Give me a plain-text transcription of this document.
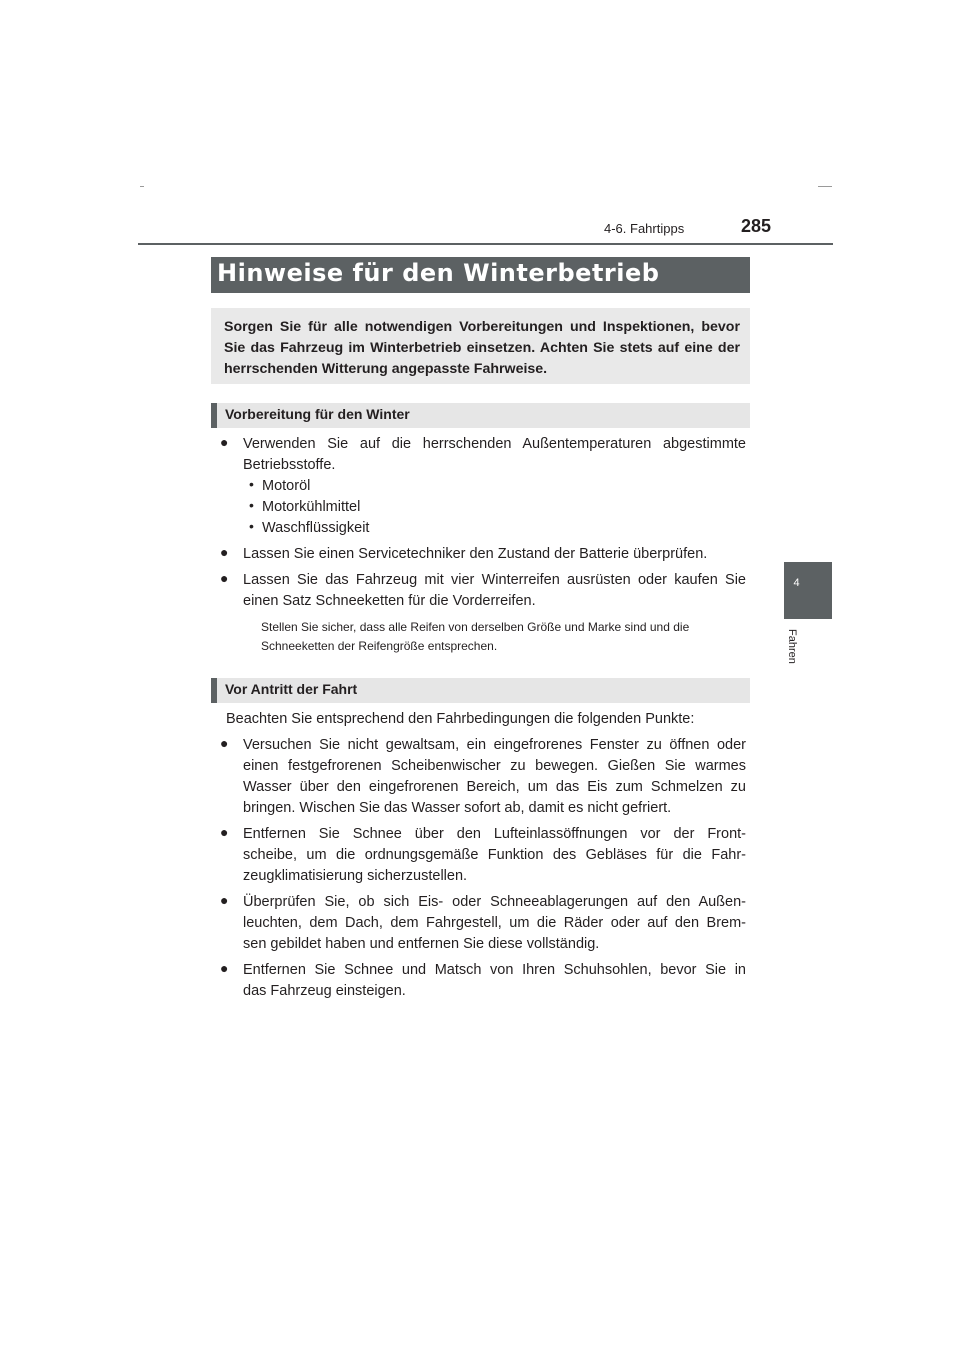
4-6. Fahrtipps	285
4
Fahren
Hinweise für den Winterbetrieb
Sorgen Sie für alle notwendigen Vorbereitungen und Inspektionen, bevor Sie das Fahrzeug im Winterbetrieb einsetzen. Achten Sie stets auf eine der herrschenden Witterung angepasste Fahrweise.
Vorbereitung für den Winter
● Verwenden Sie auf die herrschenden Außentemperaturen abgestimmte
Betriebsstoffe.
• Motoröl
• Motorkühlmittel
• Waschflüssigkeit
● Lassen Sie einen Servicetechniker den Zustand der Batterie überprüfen.
● Lassen Sie das Fahrzeug mit vier Winterreifen ausrüsten oder kaufen Sie
einen Satz Schneeketten für die Vorderreifen.
Stellen Sie sicher, dass alle Reifen von derselben Größe und Marke sind und die
Schneeketten der Reifengröße entsprechen.
Vor Antritt der Fahrt
Beachten Sie entsprechend den Fahrbedingungen die folgenden Punkte:
● Versuchen Sie nicht gewaltsam, ein eingefrorenes Fenster zu öffnen oder
einen festgefrorenen Scheibenwischer zu bewegen. Gießen Sie warmes
Wasser über den eingefrorenen Bereich, um das Eis zum Schmelzen zu
bringen. Wischen Sie das Wasser sofort ab, damit es nicht gefriert.
● Entfernen Sie Schnee über den Lufteinlassöffnungen vor der Front-
scheibe, um die ordnungsgemäße Funktion des Gebläses für die Fahr-
zeugklimatisierung sicherzustellen.
● Überprüfen Sie, ob sich Eis- oder Schneeablagerungen auf den Außen-
leuchten, dem Dach, dem Fahrgestell, um die Räder oder auf den Brem-
sen gebildet haben und entfernen Sie diese vollständig.
● Entfernen Sie Schnee und Matsch von Ihren Schuhsohlen, bevor Sie in
das Fahrzeug einsteigen.
